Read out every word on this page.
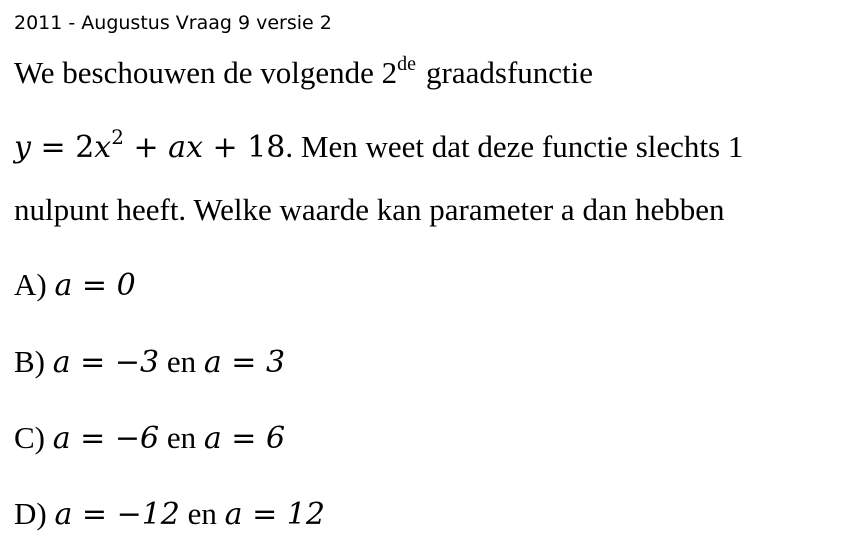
2011 - Augustus Vraag 9 versie 2
We beschouwen de volgende 2de graadsfunctie
$y = 2x^2$ + ax + 18. Men weet dat deze functie slechts 1
nulpunt heeft. Welke waarde kan parameter a dan hebben
A) a = 0
B) a = −3 en a = 3
C) a = −6 en a = 6
D) a = −12 en a = 12
